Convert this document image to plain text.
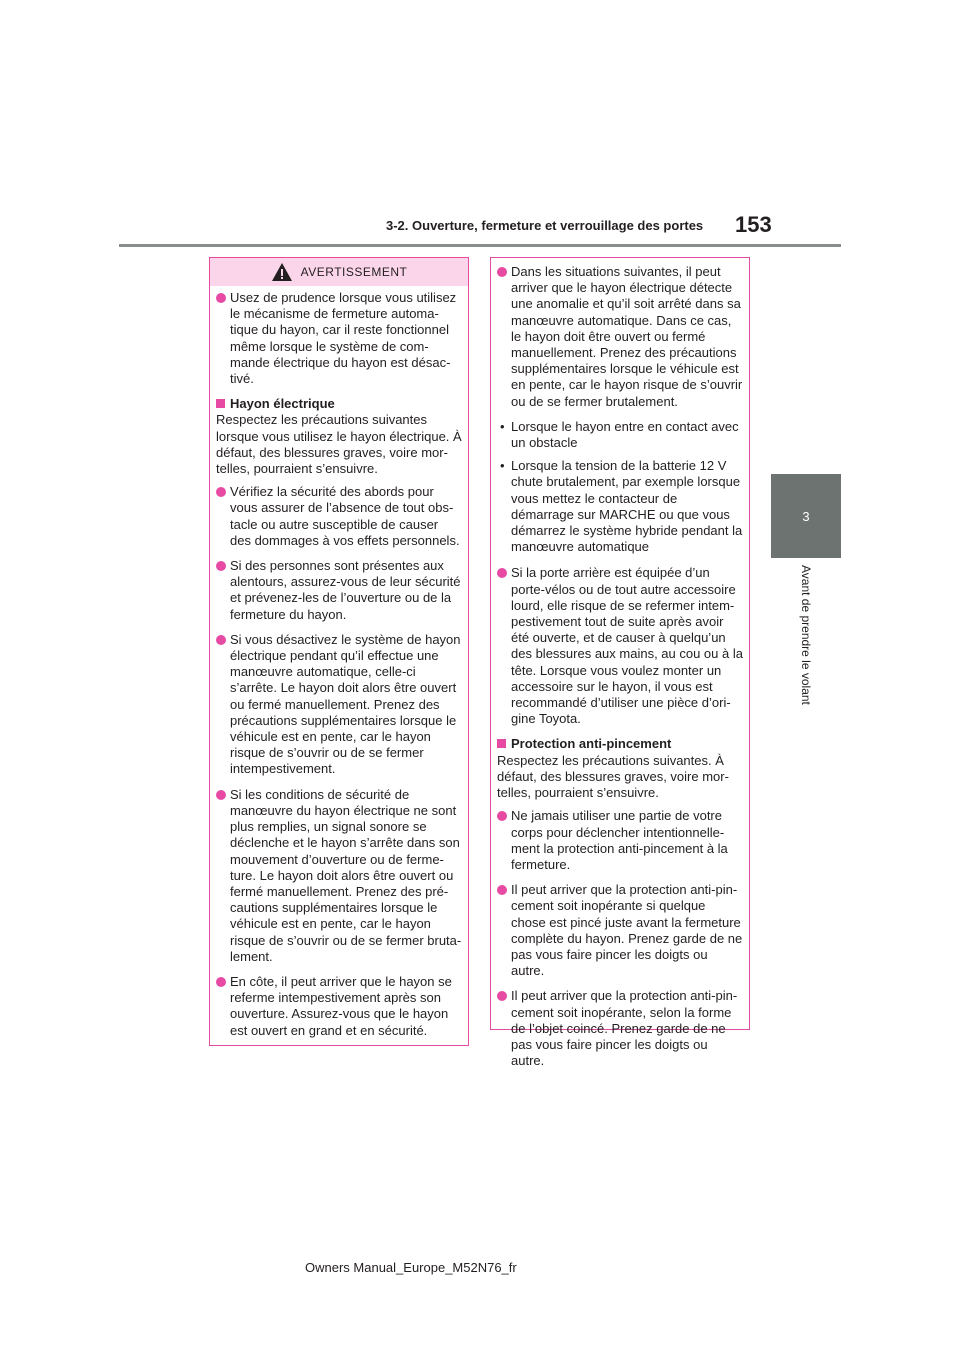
3-2. Ouverture, fermeture et verrouillage des portes 153
3
Avant de prendre le volant
AVERTISSEMENT
Usez de prudence lorsque vous utilisez le mécanisme de fermeture automa-tique du hayon, car il reste fonctionnel même lorsque le système de com-mande électrique du hayon est désac-tivé.
Hayon électrique
Respectez les précautions suivantes lorsque vous utilisez le hayon électrique. À défaut, des blessures graves, voire mor-telles, pourraient s’ensuivre.
Vérifiez la sécurité des abords pour vous assurer de l’absence de tout obs-tacle ou autre susceptible de causer des dommages à vos effets personnels.
Si des personnes sont présentes aux alentours, assurez-vous de leur sécurité et prévenez-les de l’ouverture ou de la fermeture du hayon.
Si vous désactivez le système de hayon électrique pendant qu’il effectue une manœuvre automatique, celle-ci s’arrête. Le hayon doit alors être ouvert ou fermé manuellement. Prenez des précautions supplémentaires lorsque le véhicule est en pente, car le hayon risque de s’ouvrir ou de se fermer intempestivement.
Si les conditions de sécurité de manœuvre du hayon électrique ne sont plus remplies, un signal sonore se déclenche et le hayon s’arrête dans son mouvement d’ouverture ou de ferme-ture. Le hayon doit alors être ouvert ou fermé manuellement. Prenez des pré-cautions supplémentaires lorsque le véhicule est en pente, car le hayon risque de s’ouvrir ou de se fermer bruta-lement.
En côte, il peut arriver que le hayon se referme intempestivement après son ouverture. Assurez-vous que le hayon est ouvert en grand et en sécurité.
Dans les situations suivantes, il peut arriver que le hayon électrique détecte une anomalie et qu’il soit arrêté dans sa manœuvre automatique. Dans ce cas, le hayon doit être ouvert ou fermé manuellement. Prenez des précautions supplémentaires lorsque le véhicule est en pente, car le hayon risque de s’ouvrir ou de se fermer brutalement.
• Lorsque le hayon entre en contact avec un obstacle
• Lorsque la tension de la batterie 12 V chute brutalement, par exemple lorsque vous mettez le contacteur de démarrage sur MARCHE ou que vous démarrez le système hybride pendant la manœuvre automatique
Si la porte arrière est équipée d’un porte-vélos ou de tout autre accessoire lourd, elle risque de se refermer intem-pestivement tout de suite après avoir été ouverte, et de causer à quelqu’un des blessures aux mains, au cou ou à la tête. Lorsque vous voulez monter un accessoire sur le hayon, il vous est recommandé d’utiliser une pièce d’ori-gine Toyota.
Protection anti-pincement
Respectez les précautions suivantes. À défaut, des blessures graves, voire mor-telles, pourraient s’ensuivre.
Ne jamais utiliser une partie de votre corps pour déclencher intentionnelle-ment la protection anti-pincement à la fermeture.
Il peut arriver que la protection anti-pin-cement soit inopérante si quelque chose est pincé juste avant la fermeture complète du hayon. Prenez garde de ne pas vous faire pincer les doigts ou autre.
Il peut arriver que la protection anti-pin-cement soit inopérante, selon la forme de l’objet coincé. Prenez garde de ne pas vous faire pincer les doigts ou autre.
Owners Manual_Europe_M52N76_fr
